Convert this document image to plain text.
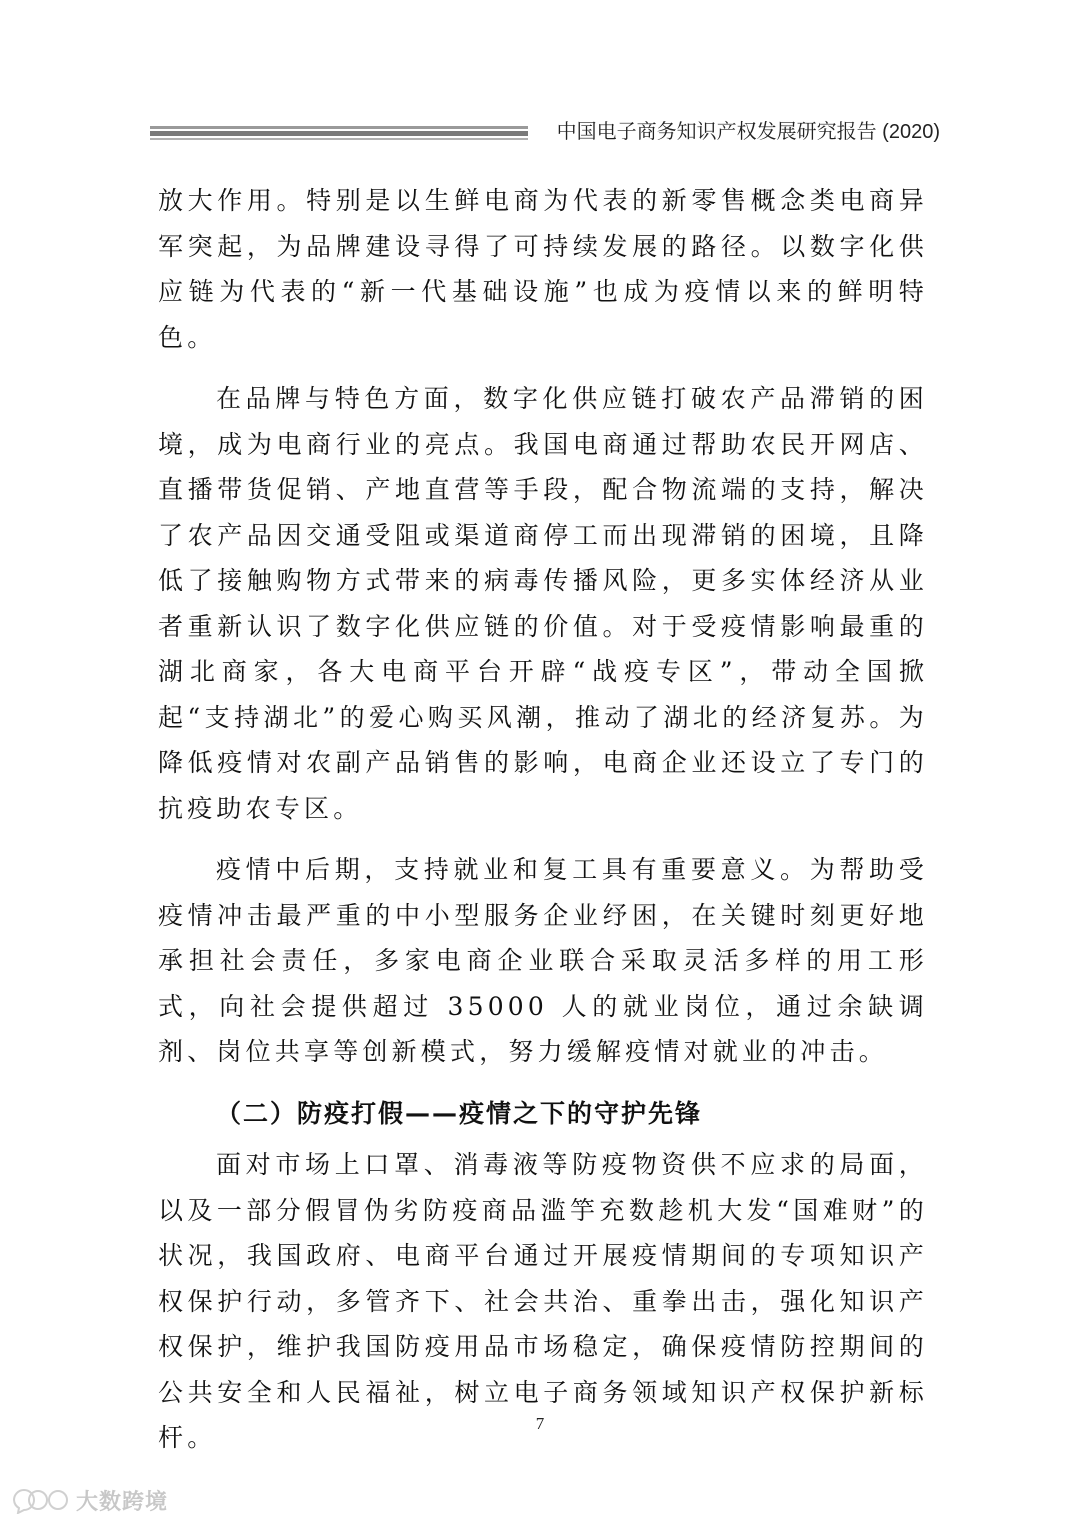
中国电子商务知识产权发展研究报告 (2020)

放大作用。特别是以生鲜电商为代表的新零售概念类电商异军突起，为品牌建设寻得了可持续发展的路径。以数字化供应链为代表的“新一代基础设施”也成为疫情以来的鲜明特色。

在品牌与特色方面，数字化供应链打破农产品滞销的困境，成为电商行业的亮点。我国电商通过帮助农民开网店、直播带货促销、产地直营等手段，配合物流端的支持，解决了农产品因交通受阻或渠道商停工而出现滞销的困境，且降低了接触购物方式带来的病毒传播风险，更多实体经济从业者重新认识了数字化供应链的价值。对于受疫情影响最重的湖北商家，各大电商平台开辟“战疫专区”，带动全国掀起“支持湖北”的爱心购买风潮，推动了湖北的经济复苏。为降低疫情对农副产品销售的影响，电商企业还设立了专门的抗疫助农专区。

疫情中后期，支持就业和复工具有重要意义。为帮助受疫情冲击最严重的中小型服务企业纾困，在关键时刻更好地承担社会责任，多家电商企业联合采取灵活多样的用工形式，向社会提供超过 35000 人的就业岗位，通过余缺调剂、岗位共享等创新模式，努力缓解疫情对就业的冲击。

（二）防疫打假——疫情之下的守护先锋

面对市场上口罩、消毒液等防疫物资供不应求的局面，以及一部分假冒伪劣防疫商品滥竽充数趁机大发“国难财”的状况，我国政府、电商平台通过开展疫情期间的专项知识产权保护行动，多管齐下、社会共治、重拳出击，强化知识产权保护，维护我国防疫用品市场稳定，确保疫情防控期间的公共安全和人民福祉，树立电子商务领域知识产权保护新标杆。	7
大数跨境
